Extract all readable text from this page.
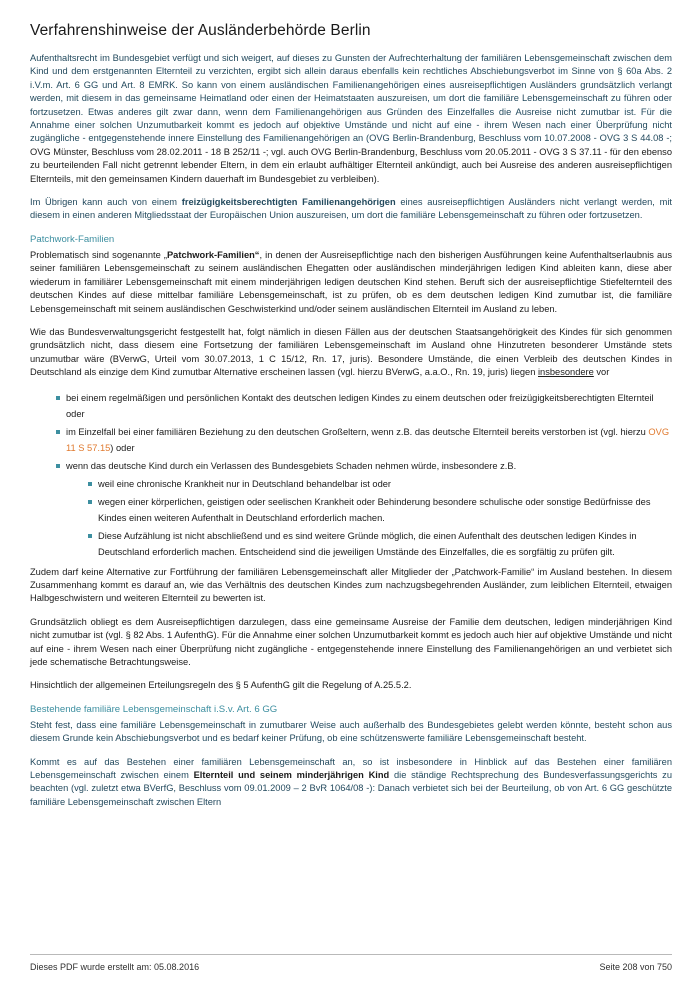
Verfahrenshinweise der Ausländerbehörde Berlin

Aufenthaltsrecht im Bundesgebiet verfügt und sich weigert, auf dieses zu Gunsten der Aufrechterhaltung der familiären Lebensgemeinschaft zwischen dem Kind und dem erstgenannten Elternteil zu verzichten, ergibt sich allein daraus ebenfalls kein rechtliches Abschiebungsverbot im Sinne von § 60a Abs. 2 i.V.m. Art. 6 GG und Art. 8 EMRK. So kann von einem ausländischen Familienangehörigen eines ausreisepflichtigen Ausländers grundsätzlich verlangt werden, mit diesem in das gemeinsame Heimatland oder einen der Heimatstaaten auszureisen, um dort die familiäre Lebensgemeinschaft zu führen oder fortzusetzen. Etwas anderes gilt zwar dann, wenn dem Familienangehörigen aus Gründen des Einzelfalles die Ausreise nicht zumutbar ist. Für die Annahme einer solchen Unzumutbarkeit kommt es jedoch auf objektive Umstände und nicht auf eine - ihrem Wesen nach einer Überprüfung nicht zugängliche - entgegenstehende innere Einstellung des Familienangehörigen an (OVG Berlin-Brandenburg, Beschluss vom 10.07.2008 - OVG 3 S 44.08 -; OVG Münster, Beschluss vom 28.02.2011 - 18 B 252/11 -; vgl. auch OVG Berlin-Brandenburg, Beschluss vom 20.05.2011 - OVG 3 S 37.11 - für den ebenso zu beurteilenden Fall nicht getrennt lebender Eltern, in dem ein erlaubt aufhältiger Elternteil ankündigt, auch bei Ausreise des anderen ausreisepflichtigen Elternteils, mit den gemeinsamen Kindern dauerhaft im Bundesgebiet zu verbleiben).

Im Übrigen kann auch von einem freizügigkeitsberechtigten Familienangehörigen eines ausreisepflichtigen Ausländers nicht verlangt werden, mit diesem in einen anderen Mitgliedsstaat der Europäischen Union auszureisen, um dort die familiäre Lebensgemeinschaft zu führen oder fortzusetzen.

Patchwork-Familien

Problematisch sind sogenannte „Patchwork-Familien“, in denen der Ausreisepflichtige nach den bisherigen Ausführungen keine Aufenthaltserlaubnis aus seiner familiären Lebensgemeinschaft zu seinem ausländischen Ehegatten oder ausländischen minderjährigen ledigen Kind ableiten kann, diese aber wiederum in familiärer Lebensgemeinschaft mit einem minderjährigen ledigen deutschen Kind stehen. Beruft sich der ausreisepflichtige Stiefelternteil des deutschen Kindes auf diese mittelbar familiäre Lebensgemeinschaft, ist zu prüfen, ob es dem deutschen ledigen Kind zumutbar ist, die familiäre Lebensgemeinschaft mit seinem ausländischen Geschwisterkind und/oder seinem ausländischen Elternteil im Ausland zu leben.

Wie das Bundesverwaltungsgericht festgestellt hat, folgt nämlich in diesen Fällen aus der deutschen Staatsangehörigkeit des Kindes für sich genommen grundsätzlich nicht, dass diesem eine Fortsetzung der familiären Lebensgemeinschaft im Ausland ohne Hinzutreten besonderer Umstände stets unzumutbar wäre (BVerwG, Urteil vom 30.07.2013, 1 C 15/12, Rn. 17, juris). Besondere Umstände, die einen Verbleib des deutschen Kindes in Deutschland als einzige dem Kind zumutbar Alternative erscheinen lassen (vgl. hierzu BVerwG, a.a.O., Rn. 19, juris) liegen insbesondere vor

bei einem regelmäßigen und persönlichen Kontakt des deutschen ledigen Kindes zu einem deutschen oder freizügigkeitsberechtigten Elternteil oder
im Einzelfall bei einer familiären Beziehung zu den deutschen Großeltern, wenn z.B. das deutsche Elternteil bereits verstorben ist (vgl. hierzu OVG 11 S 57.15) oder
wenn das deutsche Kind durch ein Verlassen des Bundesgebiets Schaden nehmen würde, insbesondere z.B.
weil eine chronische Krankheit nur in Deutschland behandelbar ist oder
wegen einer körperlichen, geistigen oder seelischen Krankheit oder Behinderung besondere schulische oder sonstige Bedürfnisse des Kindes einen weiteren Aufenthalt in Deutschland erforderlich machen.
Diese Aufzählung ist nicht abschließend und es sind weitere Gründe möglich, die einen Aufenthalt des deutschen ledigen Kindes in Deutschland erforderlich machen. Entscheidend sind die jeweiligen Umstände des Einzelfalles, die es sorgfältig zu prüfen gilt.

Zudem darf keine Alternative zur Fortführung der familiären Lebensgemeinschaft aller Mitglieder der „Patchwork-Familie“ im Ausland bestehen. In diesem Zusammenhang kommt es darauf an, wie das Verhältnis des deutschen Kindes zum nachzugsbegehrenden Ausländer, zum leiblichen Elternteil, etwaigen Halbgeschwistern und weiteren Elternteil zu bewerten ist.

Grundsätzlich obliegt es dem Ausreisepflichtigen darzulegen, dass eine gemeinsame Ausreise der Familie dem deutschen, ledigen minderjährigen Kind nicht zumutbar ist (vgl. § 82 Abs. 1 AufenthG). Für die Annahme einer solchen Unzumutbarkeit kommt es jedoch auch hier auf objektive Umstände und nicht auf eine - ihrem Wesen nach einer Überprüfung nicht zugängliche - entgegenstehende innere Einstellung des Familienangehörigen an und verbietet sich jede schematische Betrachtungsweise.

Hinsichtlich der allgemeinen Erteilungsregeln des § 5 AufenthG gilt die Regelung of A.25.5.2.

Bestehende familiäre Lebensgemeinschaft i.S.v. Art. 6 GG

Steht fest, dass eine familiäre Lebensgemeinschaft in zumutbarer Weise auch außerhalb des Bundesgebietes gelebt werden könnte, besteht schon aus diesem Grunde kein Abschiebungsverbot und es bedarf keiner Prüfung, ob eine schützenswerte familiäre Lebensgemeinschaft besteht.

Kommt es auf das Bestehen einer familiären Lebensgemeinschaft an, so ist insbesondere in Hinblick auf das Bestehen einer familiären Lebensgemeinschaft zwischen einem Elternteil und seinem minderjährigen Kind die ständige Rechtsprechung des Bundesverfassungsgerichts zu beachten (vgl. zuletzt etwa BVerfG, Beschluss vom 09.01.2009 – 2 BvR 1064/08 -): Danach verbietet sich bei der Beurteilung, ob von Art. 6 GG geschützte familiäre Lebensgemeinschaft zwischen Eltern

Dieses PDF wurde erstellt am: 05.08.2016	Seite 208 von 750
